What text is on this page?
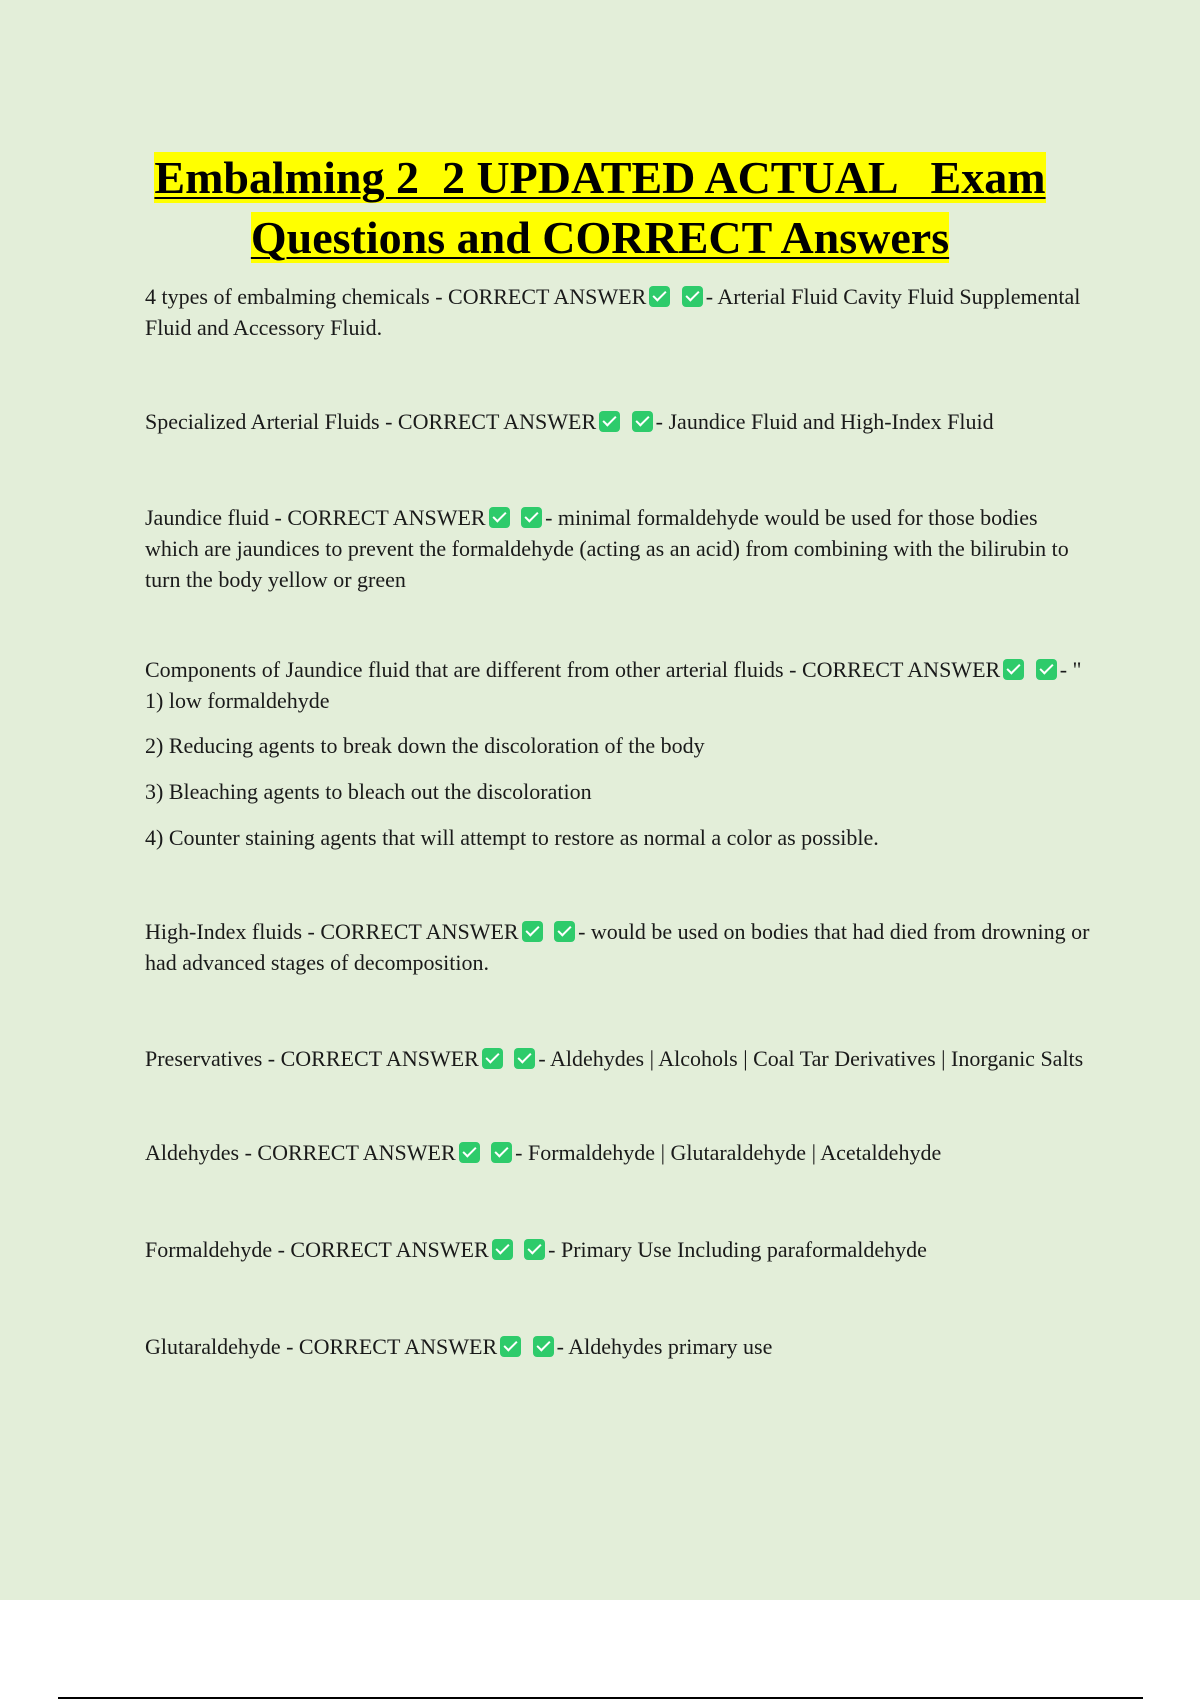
Embalming 2  2 UPDATED ACTUAL   Exam
Questions and CORRECT Answers

4 types of embalming chemicals - CORRECT ANSWER	- Arterial Fluid Cavity Fluid Supplemental Fluid and Accessory Fluid.

Specialized Arterial Fluids - CORRECT ANSWER	- Jaundice Fluid and High-Index Fluid

Jaundice fluid - CORRECT ANSWER	- minimal formaldehyde would be used for those bodies which are jaundices to prevent the formaldehyde (acting as an acid) from combining with the bilirubin to turn the body yellow or green

Components of Jaundice fluid that are different from other arterial fluids - CORRECT ANSWER	- " 1) low formaldehyde

2) Reducing agents to break down the discoloration of the body

3) Bleaching agents to bleach out the discoloration

4) Counter staining agents that will attempt to restore as normal a color as possible.

High-Index fluids - CORRECT ANSWER	- would be used on bodies that had died from drowning or had advanced stages of decomposition.

Preservatives - CORRECT ANSWER	- Aldehydes | Alcohols | Coal Tar Derivatives | Inorganic Salts

Aldehydes - CORRECT ANSWER	- Formaldehyde | Glutaraldehyde | Acetaldehyde

Formaldehyde - CORRECT ANSWER	- Primary Use Including paraformaldehyde

Glutaraldehyde - CORRECT ANSWER	- Aldehydes primary use
